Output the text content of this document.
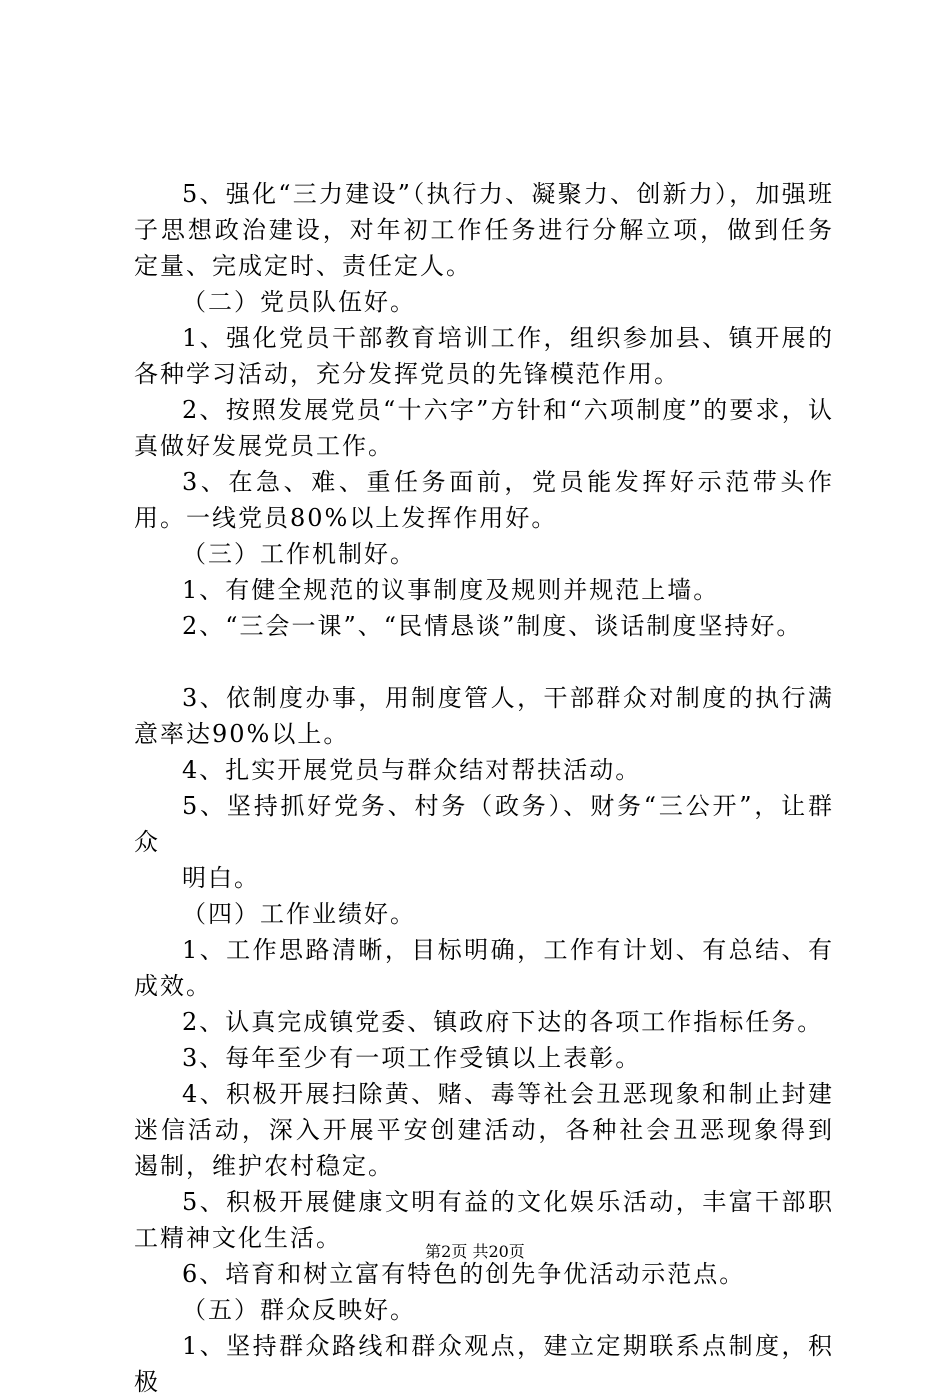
5、强化“三力建设”（执行力、凝聚力、创新力），加强班子思想政治建设，对年初工作任务进行分解立项，做到任务定量、完成定时、责任定人。

（二）党员队伍好。

1、强化党员干部教育培训工作，组织参加县、镇开展的各种学习活动，充分发挥党员的先锋模范作用。

2、按照发展党员“十六字”方针和“六项制度”的要求，认真做好发展党员工作。

3、在急、难、重任务面前，党员能发挥好示范带头作用。一线党员80%以上发挥作用好。

（三）工作机制好。

1、有健全规范的议事制度及规则并规范上墙。

2、“三会一课”、“民情恳谈”制度、谈话制度坚持好。

3、依制度办事，用制度管人，干部群众对制度的执行满意率达90%以上。

4、扎实开展党员与群众结对帮扶活动。

5、坚持抓好党务、村务（政务）、财务“三公开”，让群众

明白。

（四）工作业绩好。

1、工作思路清晰，目标明确，工作有计划、有总结、有成效。

2、认真完成镇党委、镇政府下达的各项工作指标任务。

3、每年至少有一项工作受镇以上表彰。

4、积极开展扫除黄、赌、毒等社会丑恶现象和制止封建迷信活动，深入开展平安创建活动，各种社会丑恶现象得到遏制，维护农村稳定。

5、积极开展健康文明有益的文化娱乐活动，丰富干部职工精神文化生活。

6、培育和树立富有特色的创先争优活动示范点。

（五）群众反映好。

1、坚持群众路线和群众观点，建立定期联系点制度，积极

第2页 共20页
